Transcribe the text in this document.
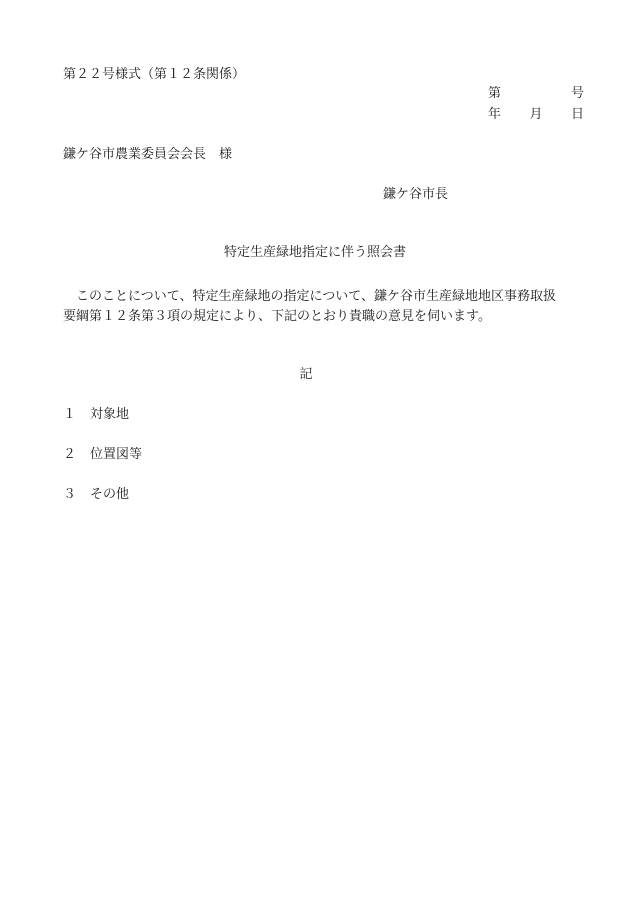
第２２号様式（第１２条関係）
第	号
年 月 日
鎌ケ谷市農業委員会会長　様
鎌ケ谷市長
特定生産緑地指定に伴う照会書
　このことについて、特定生産緑地の指定について、鎌ケ谷市生産緑地地区事務取扱
要綱第１２条第３項の規定により、下記のとおり貴職の意見を伺います。
記
１	対象地
２	位置図等
３	その他
